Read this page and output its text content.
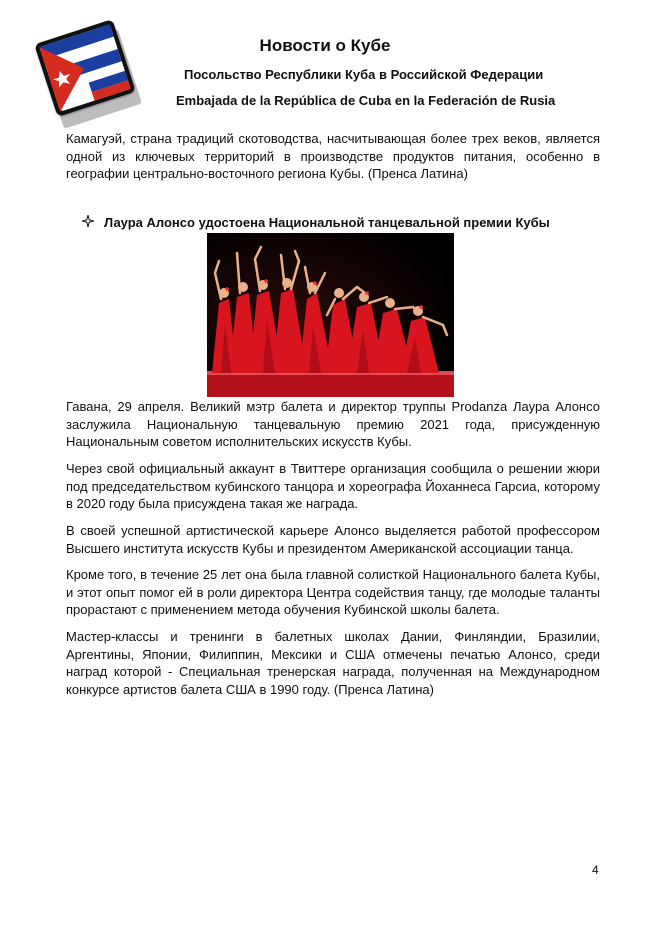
Новости о Кубе
Посольство Республики Куба в Российской Федерации
Embajada de la República de Cuba en la Federación de Rusia
Камагуэй, страна традиций скотоводства, насчитывающая более трех веков, является одной из ключевых территорий в производстве продуктов питания, особенно в географии центрально-восточного региона Кубы. (Пренса Латина)
Лаура Алонсо удостоена Национальной танцевальной премии Кубы
Гавана, 29 апреля. Великий мэтр балета и директор труппы Prodanza Лаура Алонсо заслужила Национальную танцевальную премию 2021 года, присужденную Национальным советом исполнительских искусств Кубы.
Через свой официальный аккаунт в Твиттере организация сообщила о решении жюри под председательством кубинского танцора и хореографа Йоханнеса Гарсиа, которому в 2020 году была присуждена такая же награда.
В своей успешной артистической карьере Алонсо выделяется работой профессором Высшего института искусств Кубы и президентом Американской ассоциации танца.
Кроме того, в течение 25 лет она была главной солисткой Национального балета Кубы, и этот опыт помог ей в роли директора Центра содействия танцу, где молодые таланты прорастают с применением метода обучения Кубинской школы балета.
Мастер-классы и тренинги в балетных школах Дании, Финляндии, Бразилии, Аргентины, Японии, Филиппин, Мексики и США отмечены печатью Алонсо, среди наград которой - Специальная тренерская награда, полученная на Международном конкурсе артистов балета США в 1990 году. (Пренса Латина)
4
